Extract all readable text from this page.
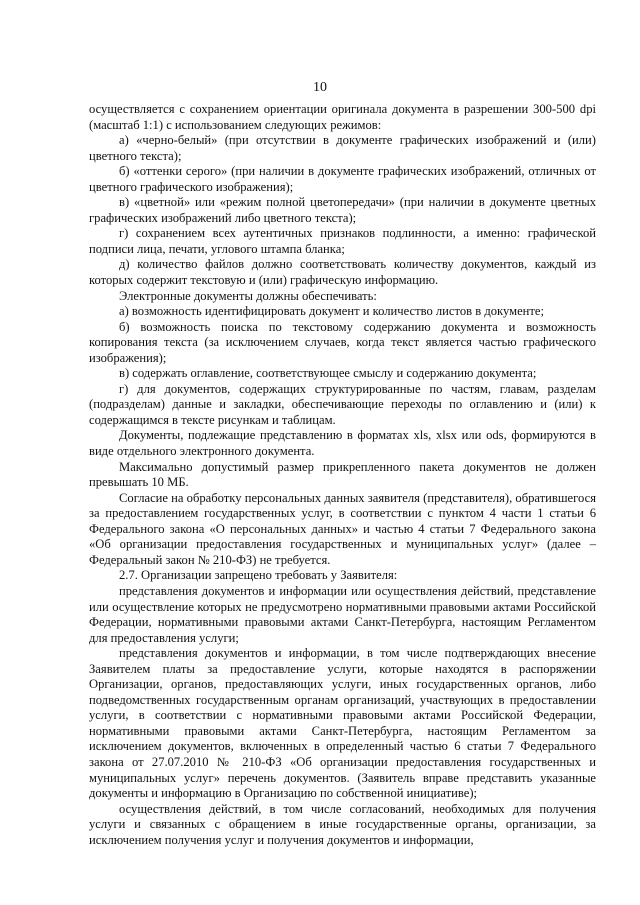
10

осуществляется с сохранением ориентации оригинала документа в разрешении 300-500 dpi (масштаб 1:1) с использованием следующих режимов:

а) «черно-белый» (при отсутствии в документе графических изображений и (или) цветного текста);

б) «оттенки серого» (при наличии в документе графических изображений, отличных от цветного графического изображения);

в) «цветной» или «режим полной цветопередачи» (при наличии в документе цветных графических изображений либо цветного текста);

г) сохранением всех аутентичных признаков подлинности, а именно: графической подписи лица, печати, углового штампа бланка;

д) количество файлов должно соответствовать количеству документов, каждый из которых содержит текстовую и (или) графическую информацию.

Электронные документы должны обеспечивать:

а) возможность идентифицировать документ и количество листов в документе;

б) возможность поиска по текстовому содержанию документа и возможность копирования текста (за исключением случаев, когда текст является частью графического изображения);

в) содержать оглавление, соответствующее смыслу и содержанию документа;

г) для документов, содержащих структурированные по частям, главам, разделам (подразделам) данные и закладки, обеспечивающие переходы по оглавлению и (или) к содержащимся в тексте рисункам и таблицам.

Документы, подлежащие представлению в форматах xls, xlsx или ods, формируются в виде отдельного электронного документа.

Максимально допустимый размер прикрепленного пакета документов не должен превышать 10 МБ.

Согласие на обработку персональных данных заявителя (представителя), обратившегося за предоставлением государственных услуг, в соответствии с пунктом 4 части 1 статьи 6 Федерального закона «О персональных данных» и частью 4 статьи 7 Федерального закона «Об организации предоставления государственных и муниципальных услуг» (далее – Федеральный закон № 210-ФЗ) не требуется.

2.7. Организации запрещено требовать у Заявителя:

представления документов и информации или осуществления действий, представление или осуществление которых не предусмотрено нормативными правовыми актами Российской Федерации, нормативными правовыми актами Санкт-Петербурга, настоящим Регламентом для предоставления услуги;

представления документов и информации, в том числе подтверждающих внесение Заявителем платы за предоставление услуги, которые находятся в распоряжении Организации, органов, предоставляющих услуги, иных государственных органов, либо подведомственных государственным органам организаций, участвующих в предоставлении услуги, в соответствии с нормативными правовыми актами Российской Федерации, нормативными правовыми актами Санкт-Петербурга, настоящим Регламентом за исключением документов, включенных в определенный частью 6 статьи 7 Федерального закона от 27.07.2010 № 210-ФЗ «Об организации предоставления государственных и муниципальных услуг» перечень документов. (Заявитель вправе представить указанные документы и информацию в Организацию по собственной инициативе);

осуществления действий, в том числе согласований, необходимых для получения услуги и связанных с обращением в иные государственные органы, организации, за исключением получения услуг и получения документов и информации,
